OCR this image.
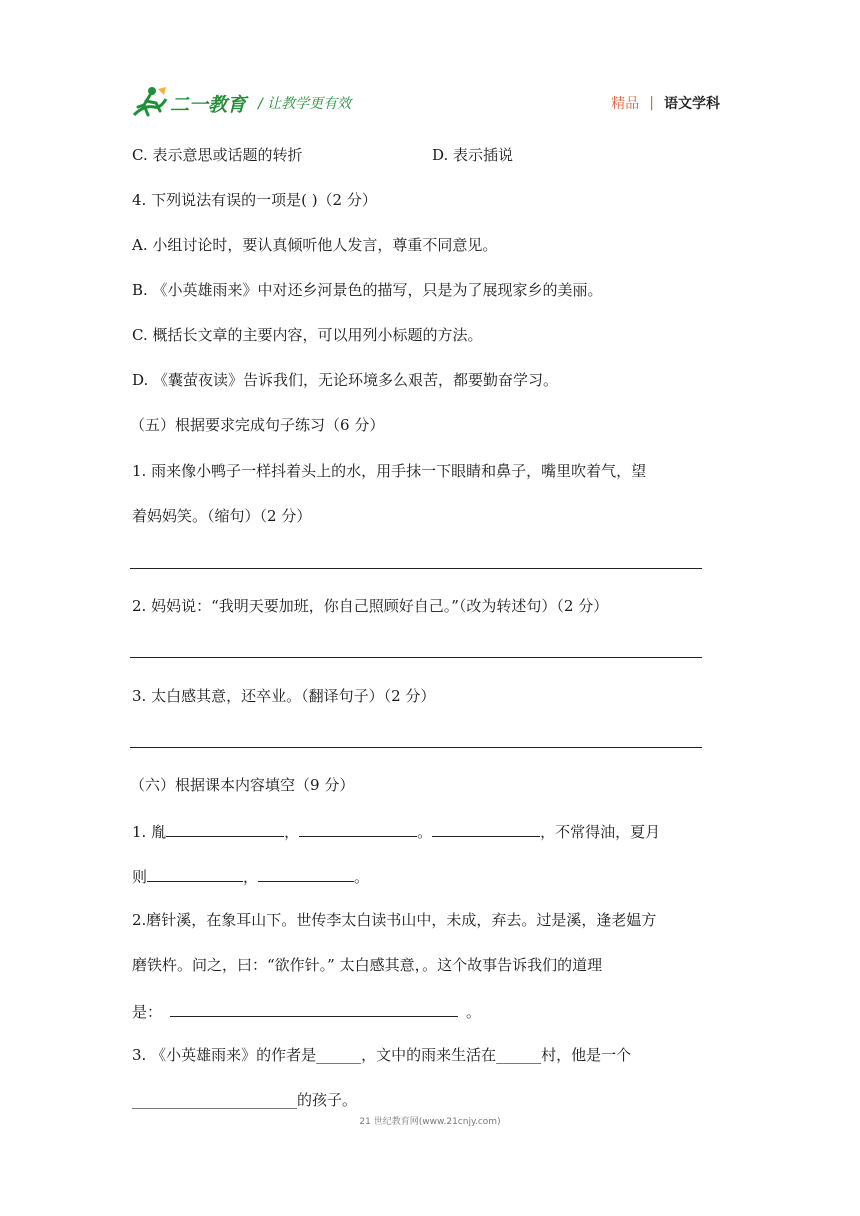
二一教育 / 让教学更有效	精品 | 语文学科
C. 表示意思或话题的转折	D. 表示插说
4. 下列说法有误的一项是( )（2 分）
A. 小组讨论时，要认真倾听他人发言，尊重不同意见。
B. 《小英雄雨来》中对还乡河景色的描写，只是为了展现家乡的美丽。
C. 概括长文章的主要内容，可以用列小标题的方法。
D. 《囊萤夜读》告诉我们，无论环境多么艰苦，都要勤奋学习。
（五）根据要求完成句子练习（6 分）
1. 雨来像小鸭子一样抖着头上的水，用手抹一下眼睛和鼻子，嘴里吹着气，望
着妈妈笑。（缩句）（2 分）
2. 妈妈说：“我明天要加班，你自己照顾好自己。”（改为转述句）（2 分）
3. 太白感其意，还卒业。（翻译句子）（2 分）
（六）根据课本内容填空（9 分）
1. 胤	，	。	，不常得油，夏月
则	，	。
2.磨针溪，在象耳山下。世传李太白读书山中，未成，弃去。过是溪，逢老媪方
磨铁杵。问之，曰：“欲作针。” 太白感其意，。这个故事告诉我们的道理
是：	。
3. 《小英雄雨来》的作者是______，文中的雨来生活在______村，他是一个
______________________的孩子。
21 世纪教育网(www.21cnjy.com)
